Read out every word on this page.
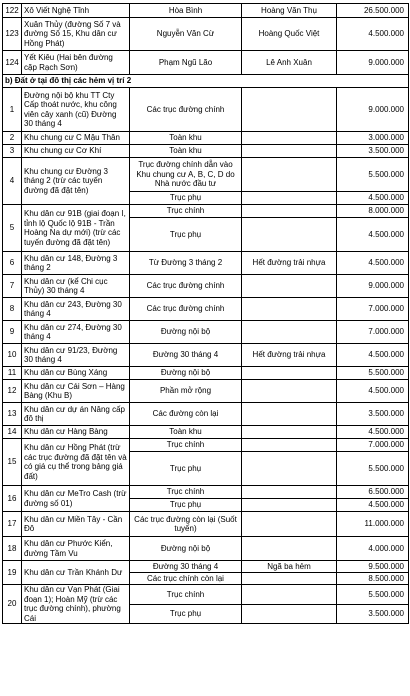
122	Xô Viết Nghệ Tĩnh	Hòa Bình	Hoàng Văn Thụ	26.500.000
123	Xuân Thủy (đường Số 7 và đường Số 15, Khu dân cư Hồng Phát)	Nguyễn Văn Cừ	Hoàng Quốc Việt	4.500.000
124	Yết Kiêu (Hai bên đường cặp Rạch Sơn)	Phạm Ngũ Lão	Lê Anh Xuân	9.000.000
b) Đất ở tại đô thị các hẻm vị trí 2				
1	Đường nội bộ khu TT Cty Cấp thoát nước, khu công viên cây xanh (cũ) Đường 30 tháng 4	Các trục đường chính		9.000.000
2	Khu chung cư C Mậu Thân	Toàn khu		3.000.000
3	Khu chung cư Cơ Khí	Toàn khu		3.500.000
4	Khu chung cư Đường 3 tháng 2 (trừ các tuyến đường đã đặt tên)	Trục đường chính dẫn vào Khu chung cư A, B, C, D do Nhà nước đầu tư		5.500.000
		Trục phụ		4.500.000
5	Khu dân cư 91B (giai đoạn I, tỉnh lộ Quốc lộ 91B - Trần Hoàng Na dự mới) (trừ các tuyến đường đã đặt tên)	Trục chính		8.000.000
		Trục phụ		4.500.000
6	Khu dân cư 148, Đường 3 tháng 2	Từ Đường 3 tháng 2	Hết đường trải nhựa	4.500.000
7	Khu dân cư (kể Chi cục Thủy) 30 tháng 4	Các trục đường chính		9.000.000
8	Khu dân cư 243, Đường 30 tháng 4	Các trục đường chính		7.000.000
9	Khu dân cư 274, Đường 30 tháng 4	Đường nội bộ		7.000.000
10	Khu dân cư 91/23, Đường 30 tháng 4	Đường 30 tháng 4	Hết đường trải nhựa	4.500.000
11	Khu dân cư Bùng Xáng	Đường nội bộ		5.500.000
12	Khu dân cư Cái Sơn – Hàng Bàng (Khu B)	Phần mở rộng		4.500.000
13	Khu dân cư dự án Nâng cấp đô thị	Các đường còn lại		3.500.000
14	Khu dân cư Hàng Bàng	Toàn khu		4.500.000
15	Khu dân cư Hồng Phát (trừ các trục đường đã đặt tên và có giá cụ thể trong bảng giá đất)	Trục chính		7.000.000
		Trục phụ		5.500.000
16	Khu dân cư MeTro Cash (trừ đường số 01)	Trục chính		6.500.000
		Trục phụ		4.500.000
17	Khu dân cư Miền Tây - Cần Đô	Các trục đường còn lại (Suốt tuyến)		11.000.000
18	Khu dân cư Phước Kiển, đường Tầm Vu	Đường nội bộ		4.000.000
19	Khu dân cư Trần Khánh Dư	Đường 30 tháng 4	Ngã ba hẻm	9.500.000
		Các trục chính còn lại		8.500.000
20	Khu dân cư Vạn Phát (Giai đoạn 1); Hoàn Mỹ (trừ các trục đường chính), phường Cái	Trục chính		5.500.000
		Trục phụ		3.500.000
